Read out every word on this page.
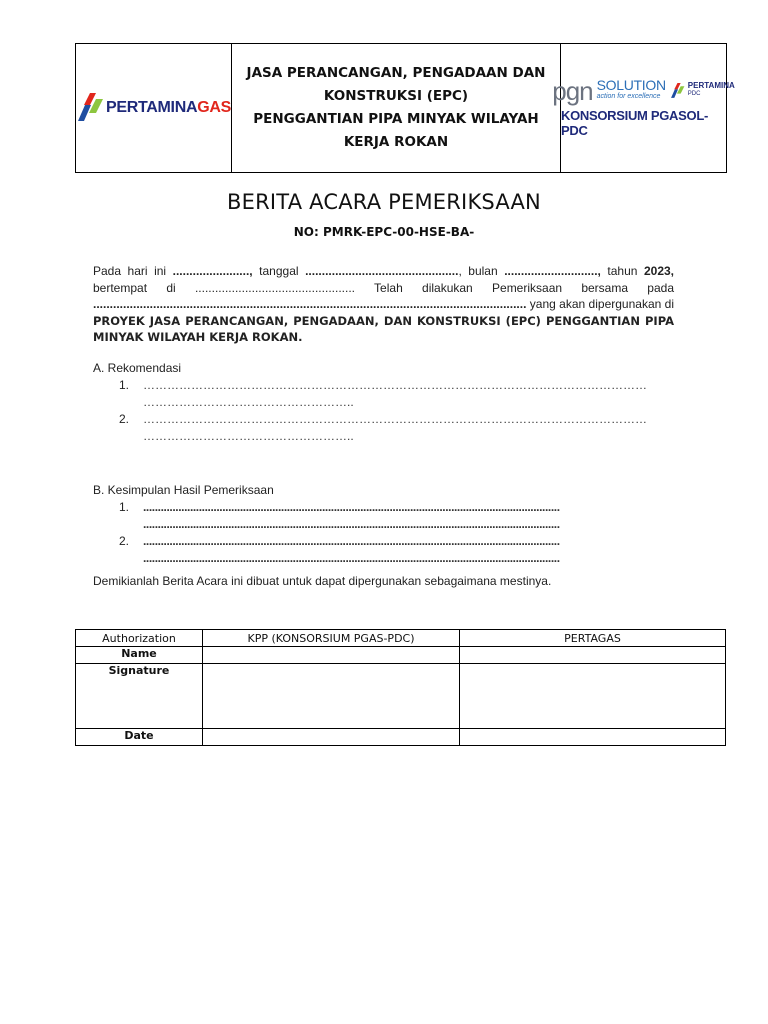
PERTAMINAGAS

JASA PERANCANGAN, PENGADAAN DAN
KONSTRUKSI (EPC)
PENGGANTIAN PIPA MINYAK WILAYAH
KERJA ROKAN

pgn SOLUTION
action for excellence
PERTAMINA
PDC
KONSORSIUM PGASOL-PDC
BERITA ACARA PEMERIKSAAN
NO: PMRK-EPC-00-HSE-BA-
Pada hari ini ......................., tanggal .............................................., bulan ............................, tahun 2023, bertempat di ................................................ Telah dilakukan Pemeriksaan bersama pada .................................................................................................................................. yang akan dipergunakan di PROYEK JASA PERANCANGAN, PENGADAAN, DAN KONSTRUKSI (EPC) PENGGANTIAN PIPA MINYAK WILAYAH KERJA ROKAN.
A. Rekomendasi
1. ………………………………………………………………………………………………………………
……………………………………………..
2. ………………………………………………………………………………………………………………
……………………………………………..
B. Kesimpulan Hasil Pemeriksaan
1. ..............................................................................................................................................
..............................................................................................................................................
2. ..............................................................................................................................................
..............................................................................................................................................
Demikianlah Berita Acara ini dibuat untuk dapat dipergunakan sebagaimana mestinya.
Authorization	KPP (KONSORSIUM PGAS-PDC)	PERTAGAS
Name		
Signature		
Date		
